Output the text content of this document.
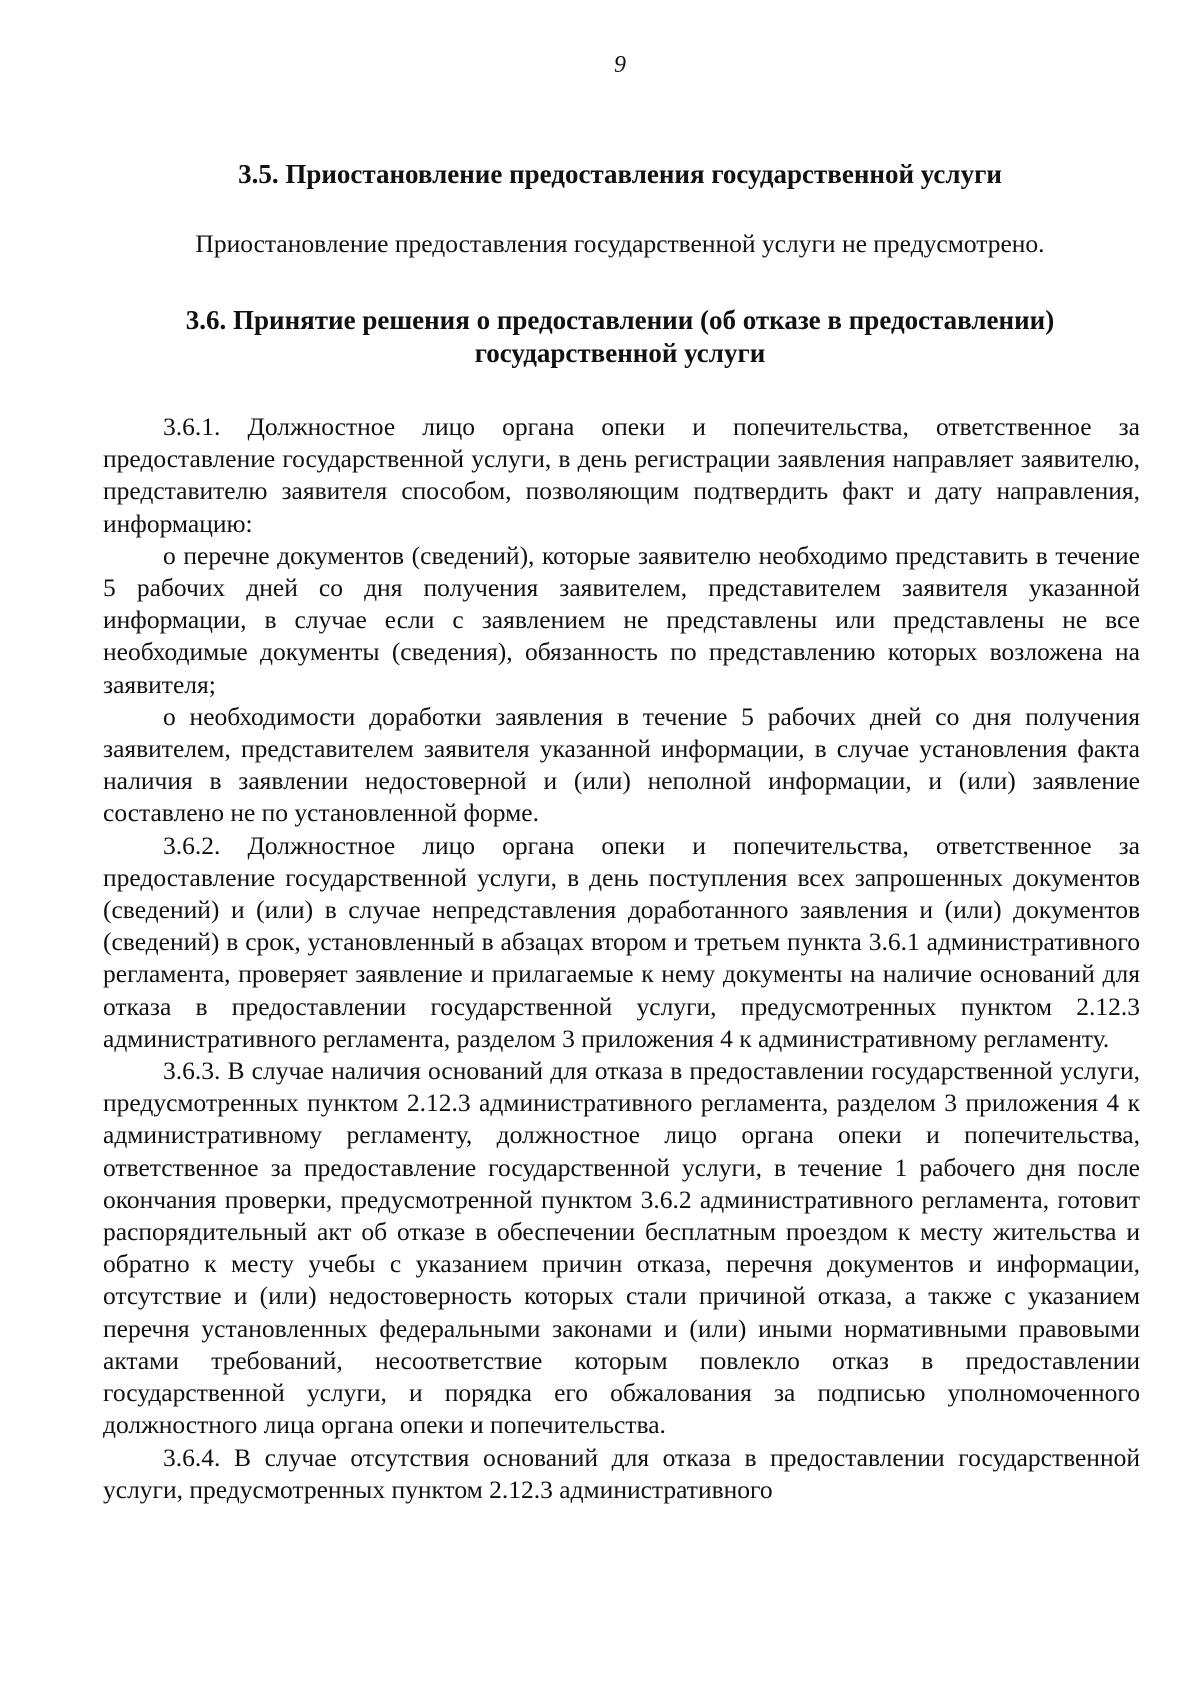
9
3.5. Приостановление предоставления государственной услуги
Приостановление предоставления государственной услуги не предусмотрено.
3.6. Принятие решения о предоставлении (об отказе в предоставлении)
государственной услуги

3.6.1. Должностное лицо органа опеки и попечительства, ответственное за предоставление государственной услуги, в день регистрации заявления направляет заявителю, представителю заявителя способом, позволяющим подтвердить факт и дату направления, информацию:

о перечне документов (сведений), которые заявителю необходимо представить в течение 5 рабочих дней со дня получения заявителем, представителем заявителя указанной информации, в случае если с заявлением не представлены или представлены не все необходимые документы (сведения), обязанность по представлению которых возложена на заявителя;

о необходимости доработки заявления в течение 5 рабочих дней со дня получения заявителем, представителем заявителя указанной информации, в случае установления факта наличия в заявлении недостоверной и (или) неполной информации, и (или) заявление составлено не по установленной форме.

3.6.2. Должностное лицо органа опеки и попечительства, ответственное за предоставление государственной услуги, в день поступления всех запрошенных документов (сведений) и (или) в случае непредставления доработанного заявления и (или) документов (сведений) в срок, установленный в абзацах втором и третьем пункта 3.6.1 административного регламента, проверяет заявление и прилагаемые к нему документы на наличие оснований для отказа в предоставлении государственной услуги, предусмотренных пунктом 2.12.3 административного регламента, разделом 3 приложения 4 к административному регламенту.

3.6.3. В случае наличия оснований для отказа в предоставлении государственной услуги, предусмотренных пунктом 2.12.3 административного регламента, разделом 3 приложения 4 к административному регламенту, должностное лицо органа опеки и попечительства, ответственное за предоставление государственной услуги, в течение 1 рабочего дня после окончания проверки, предусмотренной пунктом 3.6.2 административного регламента, готовит распорядительный акт об отказе в обеспечении бесплатным проездом к месту жительства и обратно к месту учебы с указанием причин отказа, перечня документов и информации, отсутствие и (или) недостоверность которых стали причиной отказа, а также с указанием перечня установленных федеральными законами и (или) иными нормативными правовыми актами требований, несоответствие которым повлекло отказ в предоставлении государственной услуги, и порядка его обжалования за подписью уполномоченного должностного лица органа опеки и попечительства.

3.6.4. В случае отсутствия оснований для отказа в предоставлении государственной услуги, предусмотренных пунктом 2.12.3 административного
